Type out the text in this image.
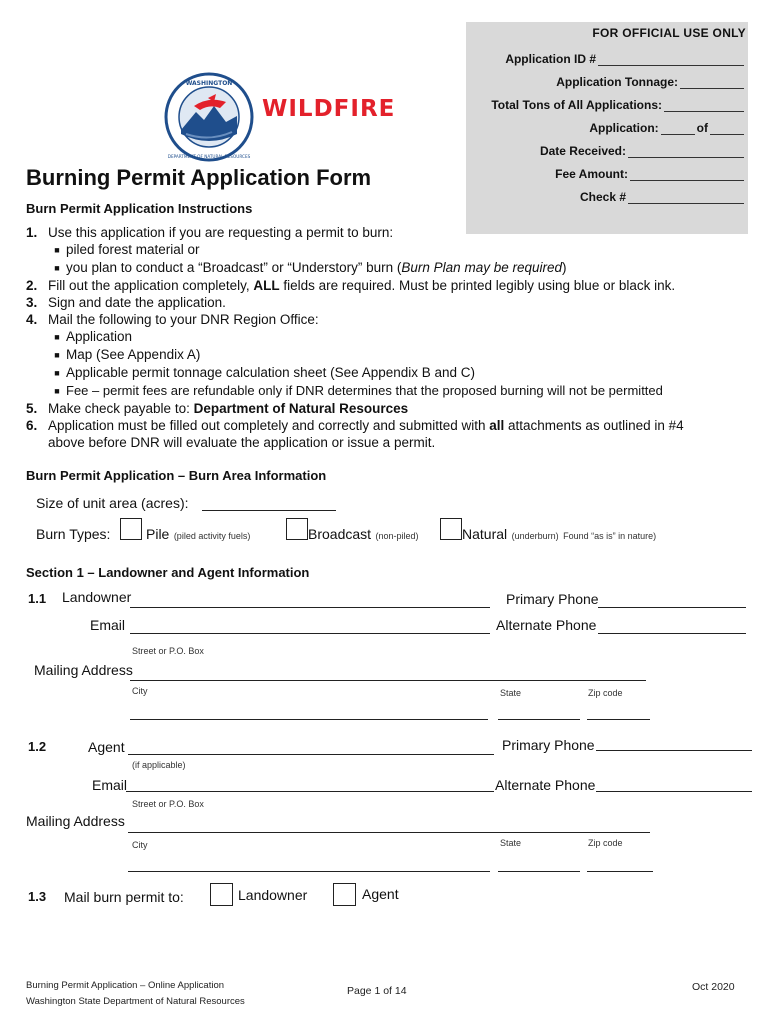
FOR OFFICIAL USE ONLY
Application ID #
Application Tonnage:
Total Tons of All Applications:
Application:	of
Date Received:
Fee Amount:
Check #
WASHINGTON
DEPARTMENT OF NATURAL RESOURCES
WILDFIRE
Burning Permit Application Form
Burn Permit Application Instructions
1. Use this application if you are requesting a permit to burn:
■ piled forest material or
■ you plan to conduct a “Broadcast” or “Understory” burn (Burn Plan may be required)
2. Fill out the application completely, ALL fields are required. Must be printed legibly using blue or black ink.
3. Sign and date the application.
4. Mail the following to your DNR Region Office:
■ Application
■ Map (See Appendix A)
■ Applicable permit tonnage calculation sheet (See Appendix B and C)
■ Fee – permit fees are refundable only if DNR determines that the proposed burning will not be permitted
5. Make check payable to: Department of Natural Resources
6. Application must be filled out completely and correctly and submitted with all attachments as outlined in #4
above before DNR will evaluate the application or issue a permit.
Burn Permit Application – Burn Area Information
Size of unit area (acres):
Burn Types:	Pile (piled activity fuels)	Broadcast (non-piled)	Natural (underburn) Found “as is” in nature)
Section 1 – Landowner and Agent Information
1.1 Landowner	Primary Phone
Email	Alternate Phone
Street or P.O. Box
Mailing Address
City	State	Zip code
1.2	Agent	Primary Phone
(if applicable)
Email	Alternate Phone
Street or P.O. Box
Mailing Address
City	State	Zip code
1.3 Mail burn permit to:	Landowner	Agent
Burning Permit Application – Online Application
Washington State Department of Natural Resources
Page 1 of 14	Oct 2020
